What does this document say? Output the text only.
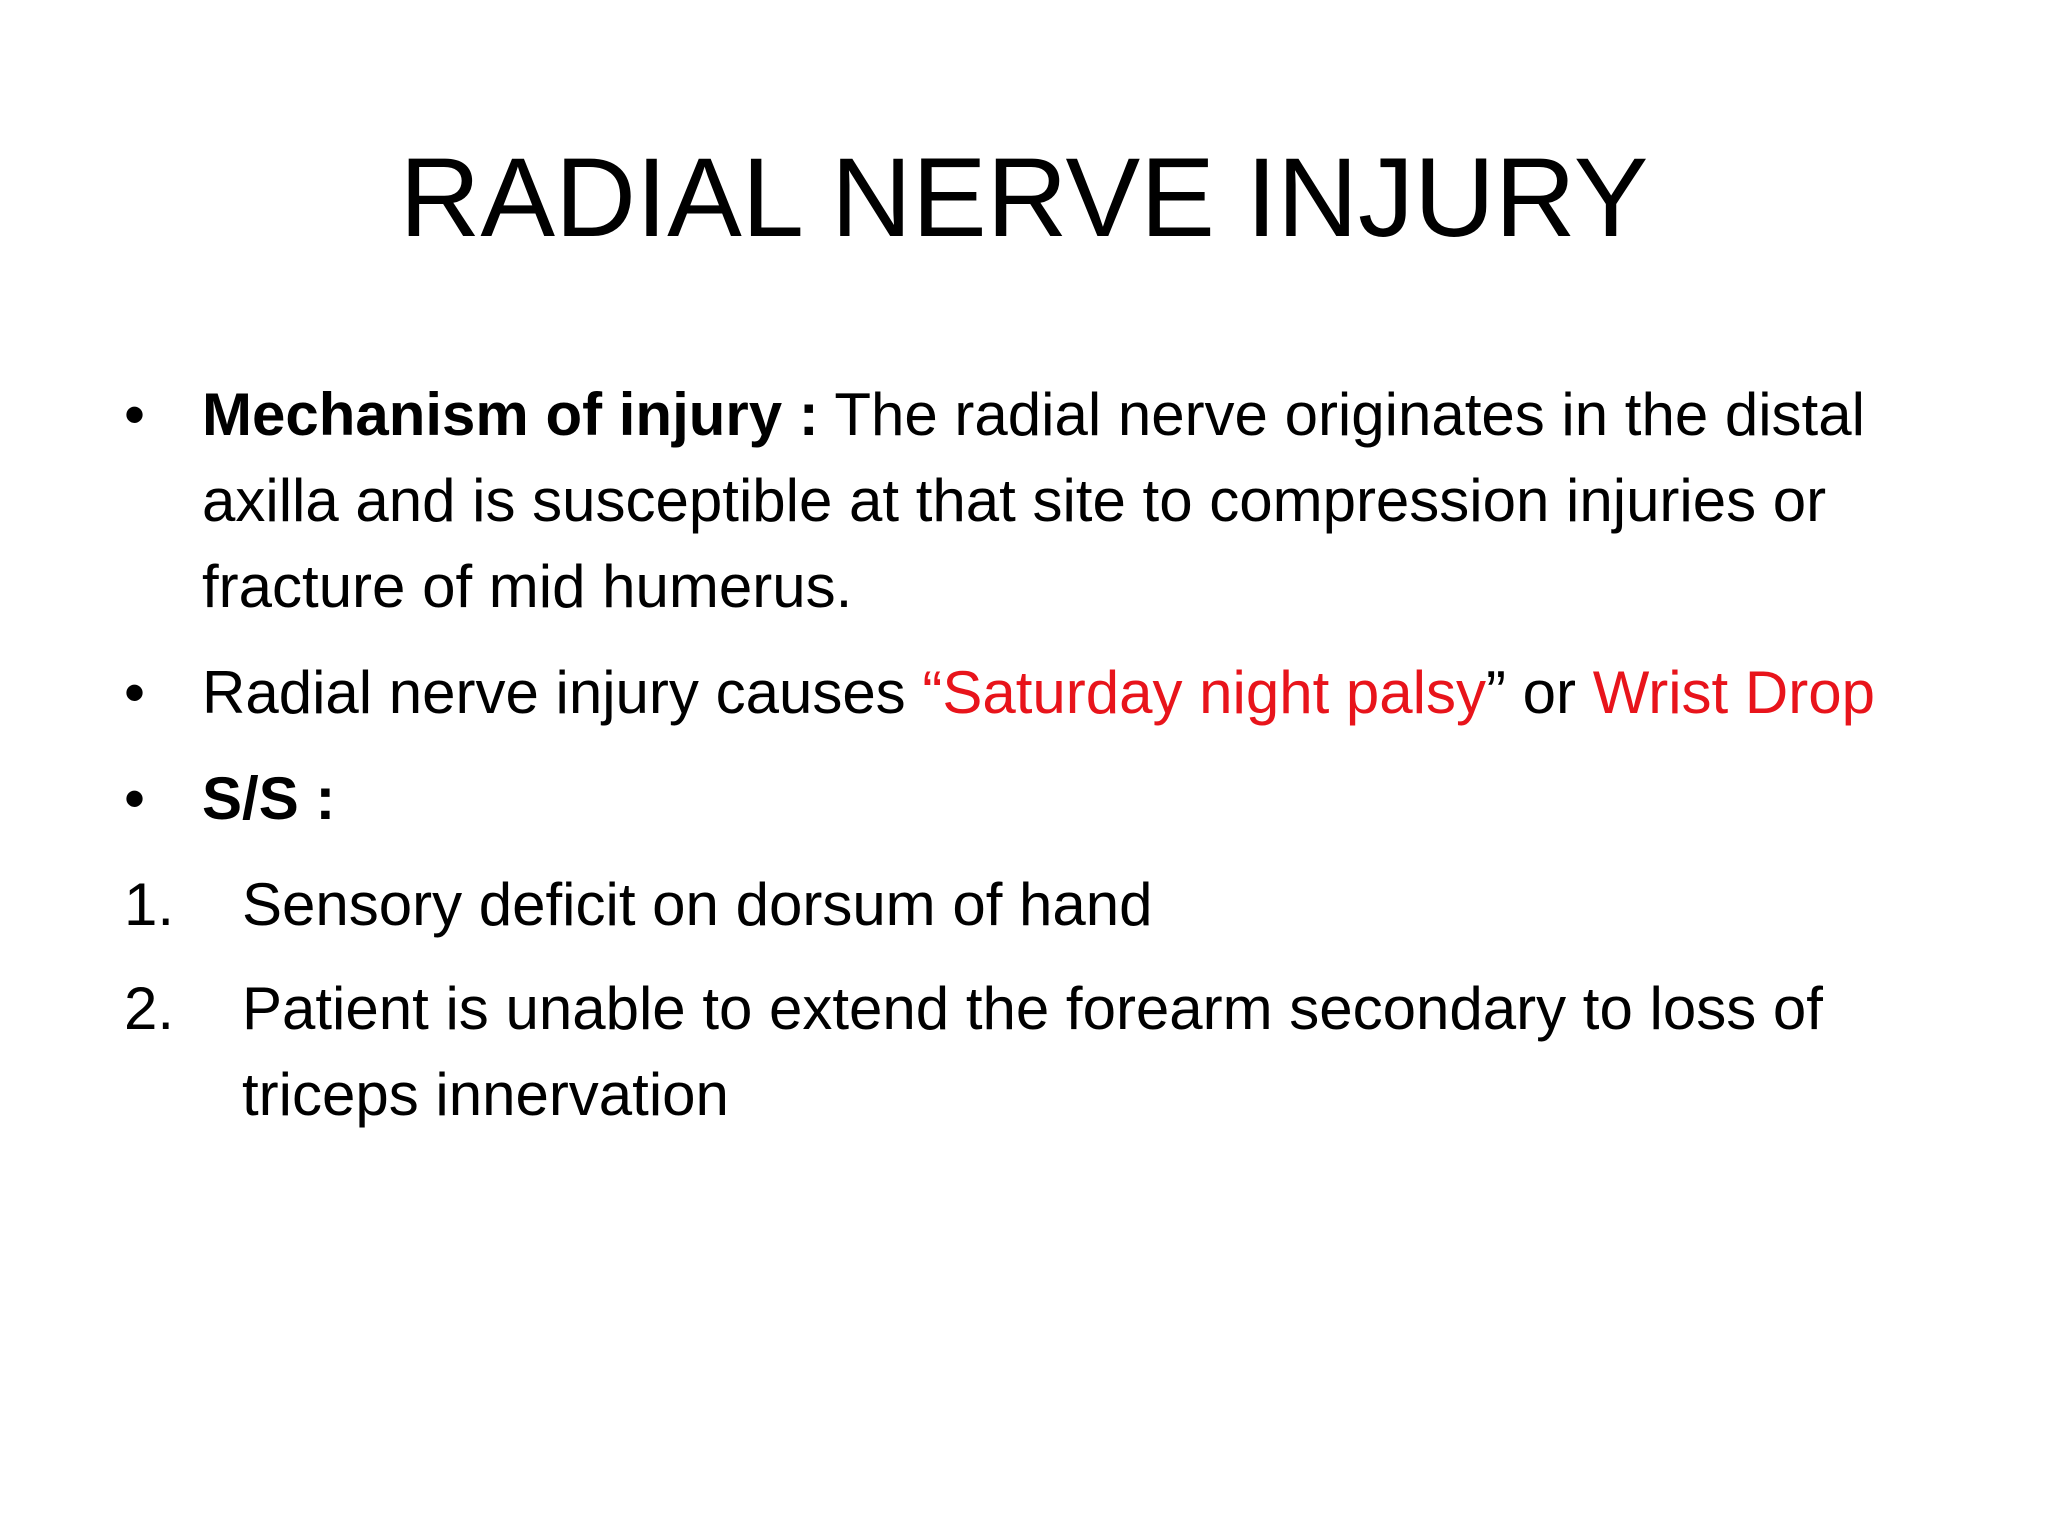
RADIAL NERVE INJURY
• Mechanism of injury : The radial nerve originates in the distal axilla and is susceptible at that site to compression injuries or fracture of mid humerus.
• Radial nerve injury causes “Saturday night palsy” or Wrist Drop
• S/S :
1.	Sensory deficit on dorsum of hand
2.	Patient is unable to extend the forearm secondary to loss of triceps innervation
